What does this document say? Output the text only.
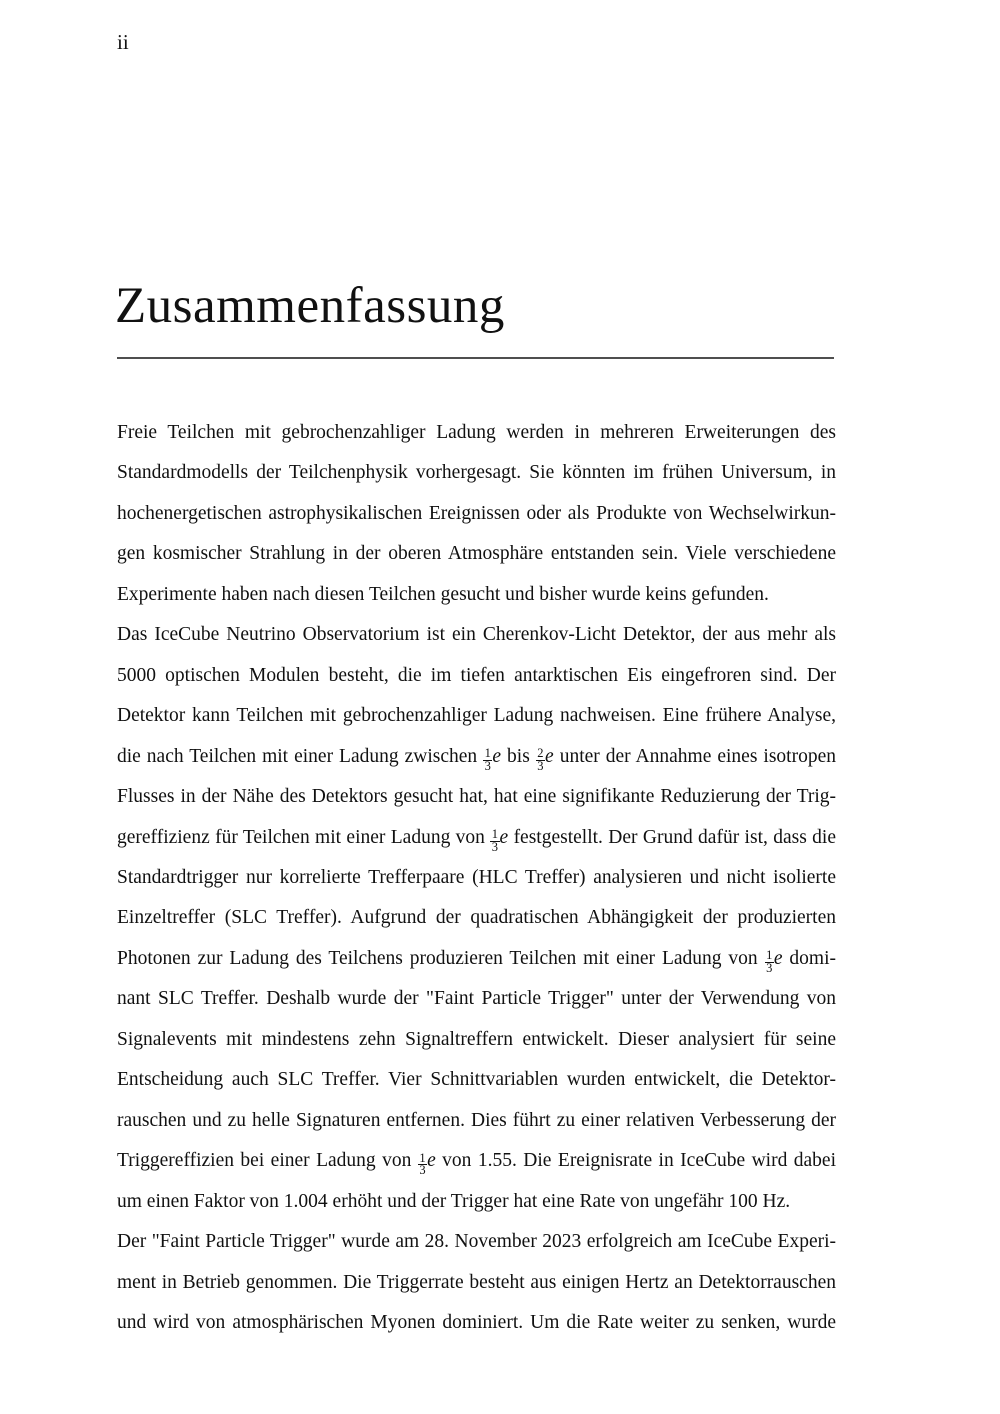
ii
Zusammenfassung
Freie Teilchen mit gebrochenzahliger Ladung werden in mehreren Erweiterungen des
Standardmodells der Teilchenphysik vorhergesagt. Sie könnten im frühen Universum, in
hochenergetischen astrophysikalischen Ereignissen oder als Produkte von Wechselwirkun-
gen kosmischer Strahlung in der oberen Atmosphäre entstanden sein. Viele verschiedene
Experimente haben nach diesen Teilchen gesucht und bisher wurde keins gefunden.
Das IceCube Neutrino Observatorium ist ein Cherenkov-Licht Detektor, der aus mehr als
5000 optischen Modulen besteht, die im tiefen antarktischen Eis eingefroren sind. Der
Detektor kann Teilchen mit gebrochenzahliger Ladung nachweisen. Eine frühere Analyse,
die nach Teilchen mit einer Ladung zwischen $\frac{1}{3}$ e bis $\frac{2}{3}$ e unter der Annahme eines isotropen
Flusses in der Nähe des Detektors gesucht hat, hat eine signifikante Reduzierung der Trig-
gereffizienz für Teilchen mit einer Ladung von $\frac{1}{3}$ e festgestellt. Der Grund dafür ist, dass die
Standardtrigger nur korrelierte Trefferpaare (HLC Treffer) analysieren und nicht isolierte
Einzeltreffer (SLC Treffer). Aufgrund der quadratischen Abhängigkeit der produzierten
Photonen zur Ladung des Teilchens produzieren Teilchen mit einer Ladung von $\frac{1}{3}$ e domi-
nant SLC Treffer. Deshalb wurde der "Faint Particle Trigger" unter der Verwendung von
Signalevents mit mindestens zehn Signaltreffern entwickelt. Dieser analysiert für seine
Entscheidung auch SLC Treffer. Vier Schnittvariablen wurden entwickelt, die Detektor-
rauschen und zu helle Signaturen entfernen. Dies führt zu einer relativen Verbesserung der
Triggereffizien bei einer Ladung von $\frac{1}{3}$ e von 1.55. Die Ereignisrate in IceCube wird dabei
um einen Faktor von 1.004 erhöht und der Trigger hat eine Rate von ungefähr 100 Hz.
Der "Faint Particle Trigger" wurde am 28. November 2023 erfolgreich am IceCube Experi-
ment in Betrieb genommen. Die Triggerrate besteht aus einigen Hertz an Detektorrauschen
und wird von atmosphärischen Myonen dominiert. Um die Rate weiter zu senken, wurde
